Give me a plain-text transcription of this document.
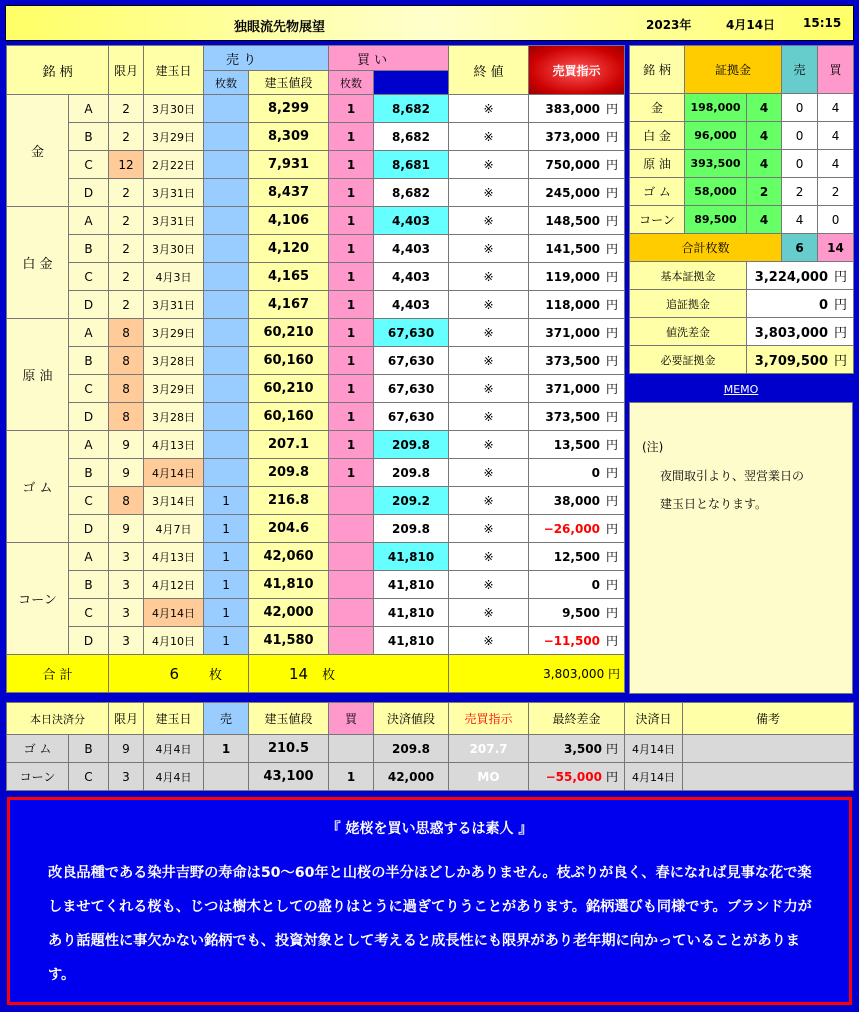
独眼流先物展望	2023年	4月14日 15:15
銘 柄		限月	建玉日	売 り		買 い		終 値	売買指示	
				枚数	建玉値段	枚数				
金	A	2	3月30日		8,299	1	8,682	※	383,000 円	
	B	2	3月29日		8,309	1	8,682	※	373,000 円	
	C	12	2月22日		7,931	1	8,681	※	750,000 円	
	D	2	3月31日		8,437	1	8,682	※	245,000 円	
白 金	A	2	3月31日		4,106	1	4,403	※	148,500 円	
	B	2	3月30日		4,120	1	4,403	※	141,500 円	
	C	2	4月3日		4,165	1	4,403	※	119,000 円	
	D	2	3月31日		4,167	1	4,403	※	118,000 円	
原 油	A	8	3月29日		60,210	1	67,630	※	371,000 円	
	B	8	3月28日		60,160	1	67,630	※	373,500 円	
	C	8	3月29日		60,210	1	67,630	※	371,000 円	
	D	8	3月28日		60,160	1	67,630	※	373,500 円	
ゴ ム	A	9	4月13日		207.1	1	209.8	※	13,500 円	
	B	9	4月14日		209.8	1	209.8	※	0 円	
	C	8	3月14日	1	216.8		209.2	※	38,000 円	
	D	9	4月7日	1	204.6		209.8	※	−26,000 円	
コーン	A	3	4月13日	1	42,060		41,810	※	12,500 円	
	B	3	4月12日	1	41,810		41,810	※	0 円	
	C	3	4月14日	1	42,000		41,810	※	9,500 円	
	D	3	4月10日	1	41,580		41,810	※	−11,500 円	
合 計		6 枚			14 枚			3,803,000 円		
銘 柄	証拠金		売	買
金	198,000	4	0	4
白 金	96,000	4	0	4
原 油	393,500	4	0	4
ゴ ム	58,000	2	2	2
コーン	89,500	4	4	0
合計枚数			6	14
基本証拠金		3,224,000 円		
追証拠金		0 円		
値洗差金		3,803,000 円		
必要証拠金		3,709,500 円		
MEMO
(注)
夜間取引より、翌営業日の
建玉日となります。
本日決済分		限月	建玉日	売	建玉値段	買	決済値段	売買指示	最終差金	決済日	備考
ゴ ム	B	9	4月4日	1	210.5		209.8	207.7	3,500 円	4月14日	
コーン	C	3	4月4日		43,100	1	42,000	MO	−55,000 円	4月14日	
『 姥桜を買い思惑するは素人 』
改良品種である染井吉野の寿命は50〜60年と山桜の半分ほどしかありません。枝ぶりが良く、春になれば見事な花で楽しませてくれる桜も、じつは樹木としての盛りはとうに過ぎてりうことがあります。銘柄選びも同様です。ブランド力があり話題性に事欠かない銘柄でも、投資対象として考えると成長性にも限界があり老年期に向かっていることがあります。
